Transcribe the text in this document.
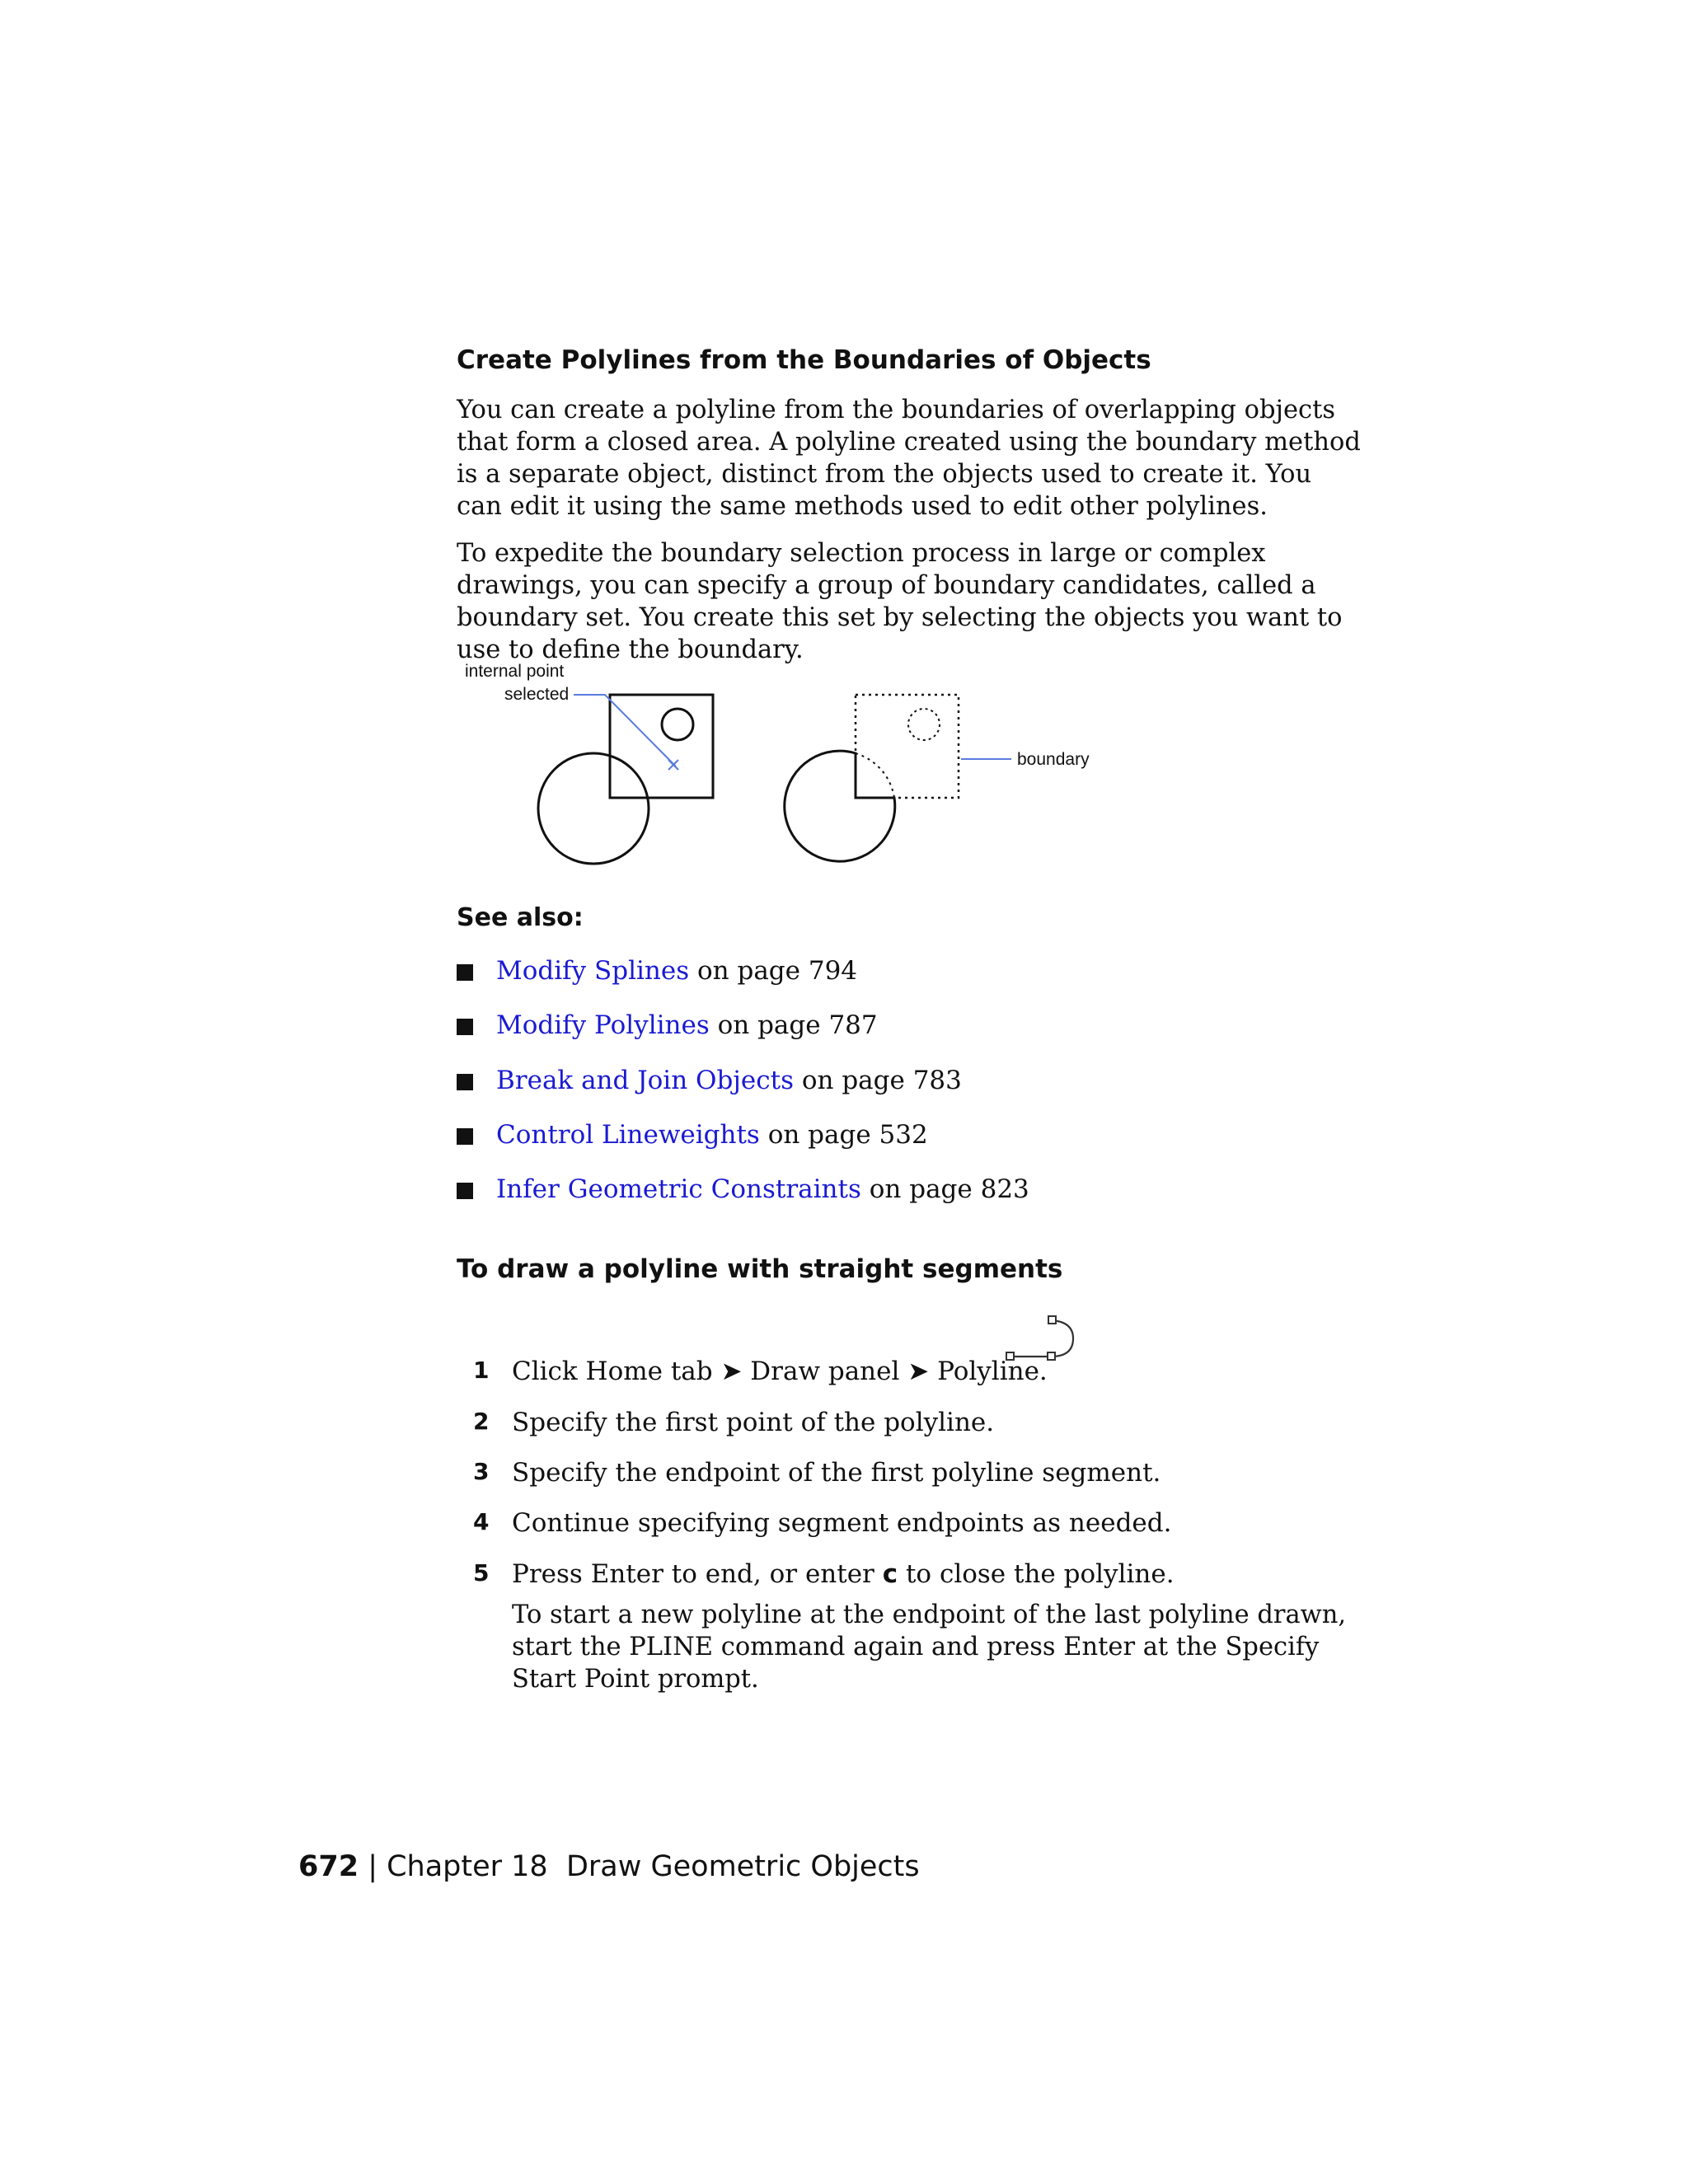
Create Polylines from the Boundaries of Objects
You can create a polyline from the boundaries of overlapping objects that form a closed area. A polyline created using the boundary method is a separate object, distinct from the objects used to create it. You can edit it using the same methods used to edit other polylines.
To expedite the boundary selection process in large or complex drawings, you can specify a group of boundary candidates, called a boundary set. You create this set by selecting the objects you want to use to define the boundary.
internal point
selected
boundary
See also:
Modify Splines on page 794
Modify Polylines on page 787
Break and Join Objects on page 783
Control Lineweights on page 532
Infer Geometric Constraints on page 823
To draw a polyline with straight segments
1 Click Home tab ➤ Draw panel ➤ Polyline.
2 Specify the first point of the polyline.
3 Specify the endpoint of the first polyline segment.
4 Continue specifying segment endpoints as needed.
5 Press Enter to end, or enter c to close the polyline.
To start a new polyline at the endpoint of the last polyline drawn, start the PLINE command again and press Enter at the Specify Start Point prompt.
672 | Chapter 18 Draw Geometric Objects
